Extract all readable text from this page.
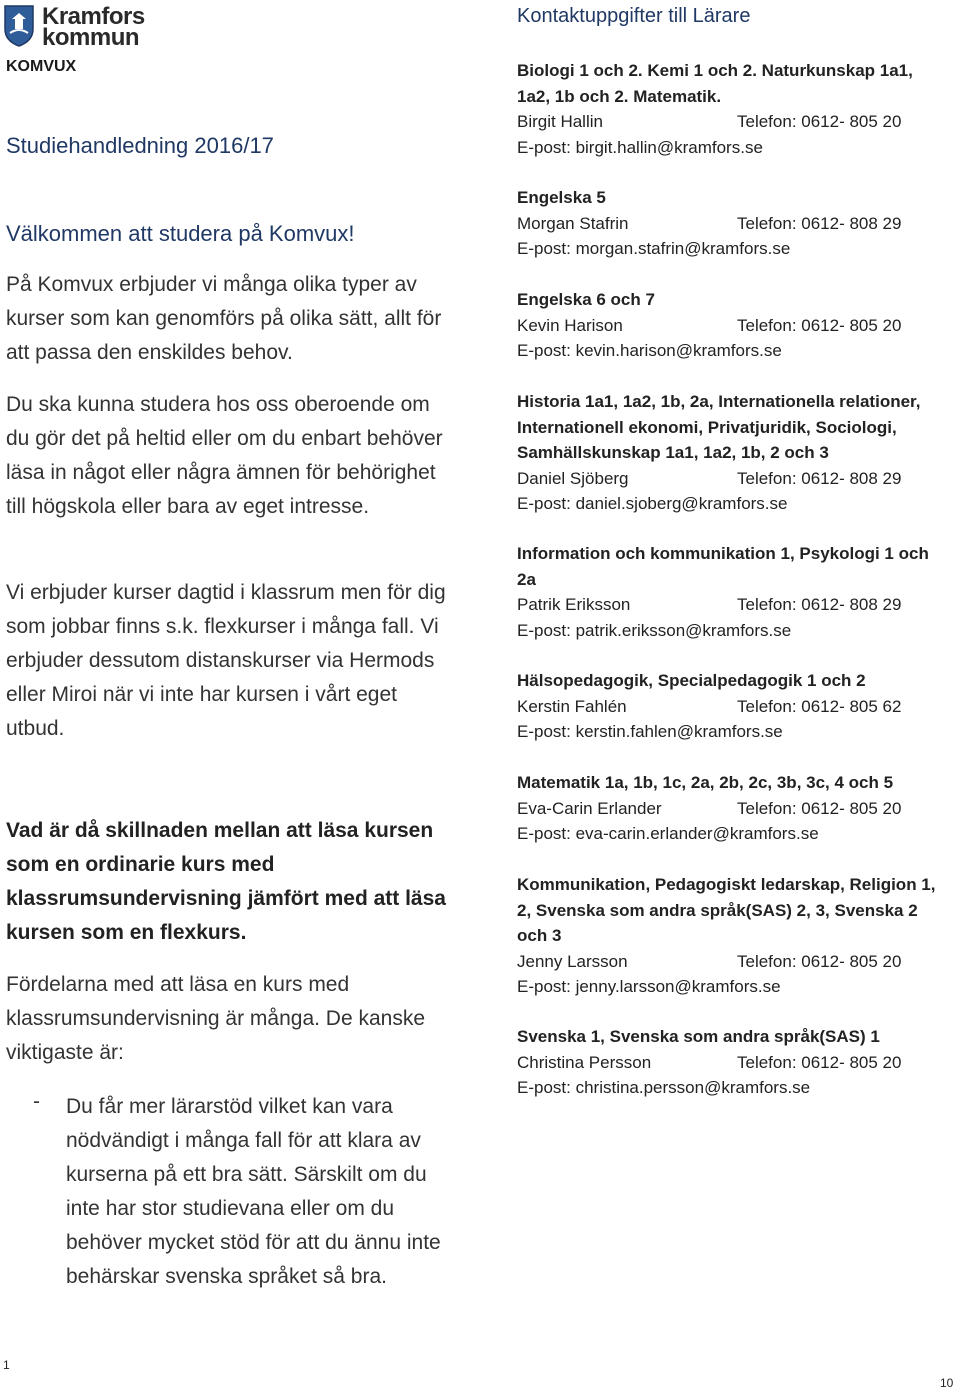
Kramfors
kommun
KOMVUX
Studiehandledning 2016/17
Välkommen att studera på Komvux!

På Komvux erbjuder vi många olika typer av kurser som kan genomförs på olika sätt, allt för att passa den enskildes behov.

Du ska kunna studera hos oss oberoende om du gör det på heltid eller om du enbart behöver läsa in något eller några ämnen för behörighet till högskola eller bara av eget intresse.

Vi erbjuder kurser dagtid i klassrum men för dig som jobbar finns s.k. flexkurser i många fall. Vi erbjuder dessutom distanskurser via Hermods eller Miroi när vi inte har kursen i vårt eget utbud.

Vad är då skillnaden mellan att läsa kursen som en ordinarie kurs med klassrumsundervisning jämfört med att läsa kursen som en flexkurs.

Fördelarna med att läsa en kurs med klassrumsundervisning är många. De kanske viktigaste är:

- Du får mer lärarstöd vilket kan vara nödvändigt i många fall för att klara av kurserna på ett bra sätt. Särskilt om du inte har stor studievana eller om du behöver mycket stöd för att du ännu inte behärskar svenska språket så bra.

Kontaktuppgifter till Lärare
Biologi 1 och 2. Kemi 1 och 2. Naturkunskap 1a1, 1a2, 1b och 2. Matematik.
Birgit Hallin	Telefon: 0612- 805 20
E-post: birgit.hallin@kramfors.se
Engelska 5
Morgan Stafrin	Telefon: 0612- 808 29
E-post: morgan.stafrin@kramfors.se
Engelska 6 och 7
Kevin Harison	Telefon: 0612- 805 20
E-post: kevin.harison@kramfors.se
Historia 1a1, 1a2, 1b, 2a, Internationella relationer, Internationell ekonomi, Privatjuridik, Sociologi, Samhällskunskap 1a1, 1a2, 1b, 2 och 3
Daniel Sjöberg	Telefon: 0612- 808 29
E-post: daniel.sjoberg@kramfors.se
Information och kommunikation 1, Psykologi 1 och 2a
Patrik Eriksson	Telefon: 0612- 808 29
E-post: patrik.eriksson@kramfors.se
Hälsopedagogik, Specialpedagogik 1 och 2
Kerstin Fahlén	Telefon: 0612- 805 62
E-post: kerstin.fahlen@kramfors.se
Matematik 1a, 1b, 1c, 2a, 2b, 2c, 3b, 3c, 4 och 5
Eva-Carin Erlander	Telefon: 0612- 805 20
E-post: eva-carin.erlander@kramfors.se
Kommunikation, Pedagogiskt ledarskap, Religion 1, 2, Svenska som andra språk(SAS) 2, 3, Svenska 2 och 3
Jenny Larsson	Telefon: 0612- 805 20
E-post: jenny.larsson@kramfors.se
Svenska 1, Svenska som andra språk(SAS) 1
Christina Persson	Telefon: 0612- 805 20
E-post: christina.persson@kramfors.se
1
10
